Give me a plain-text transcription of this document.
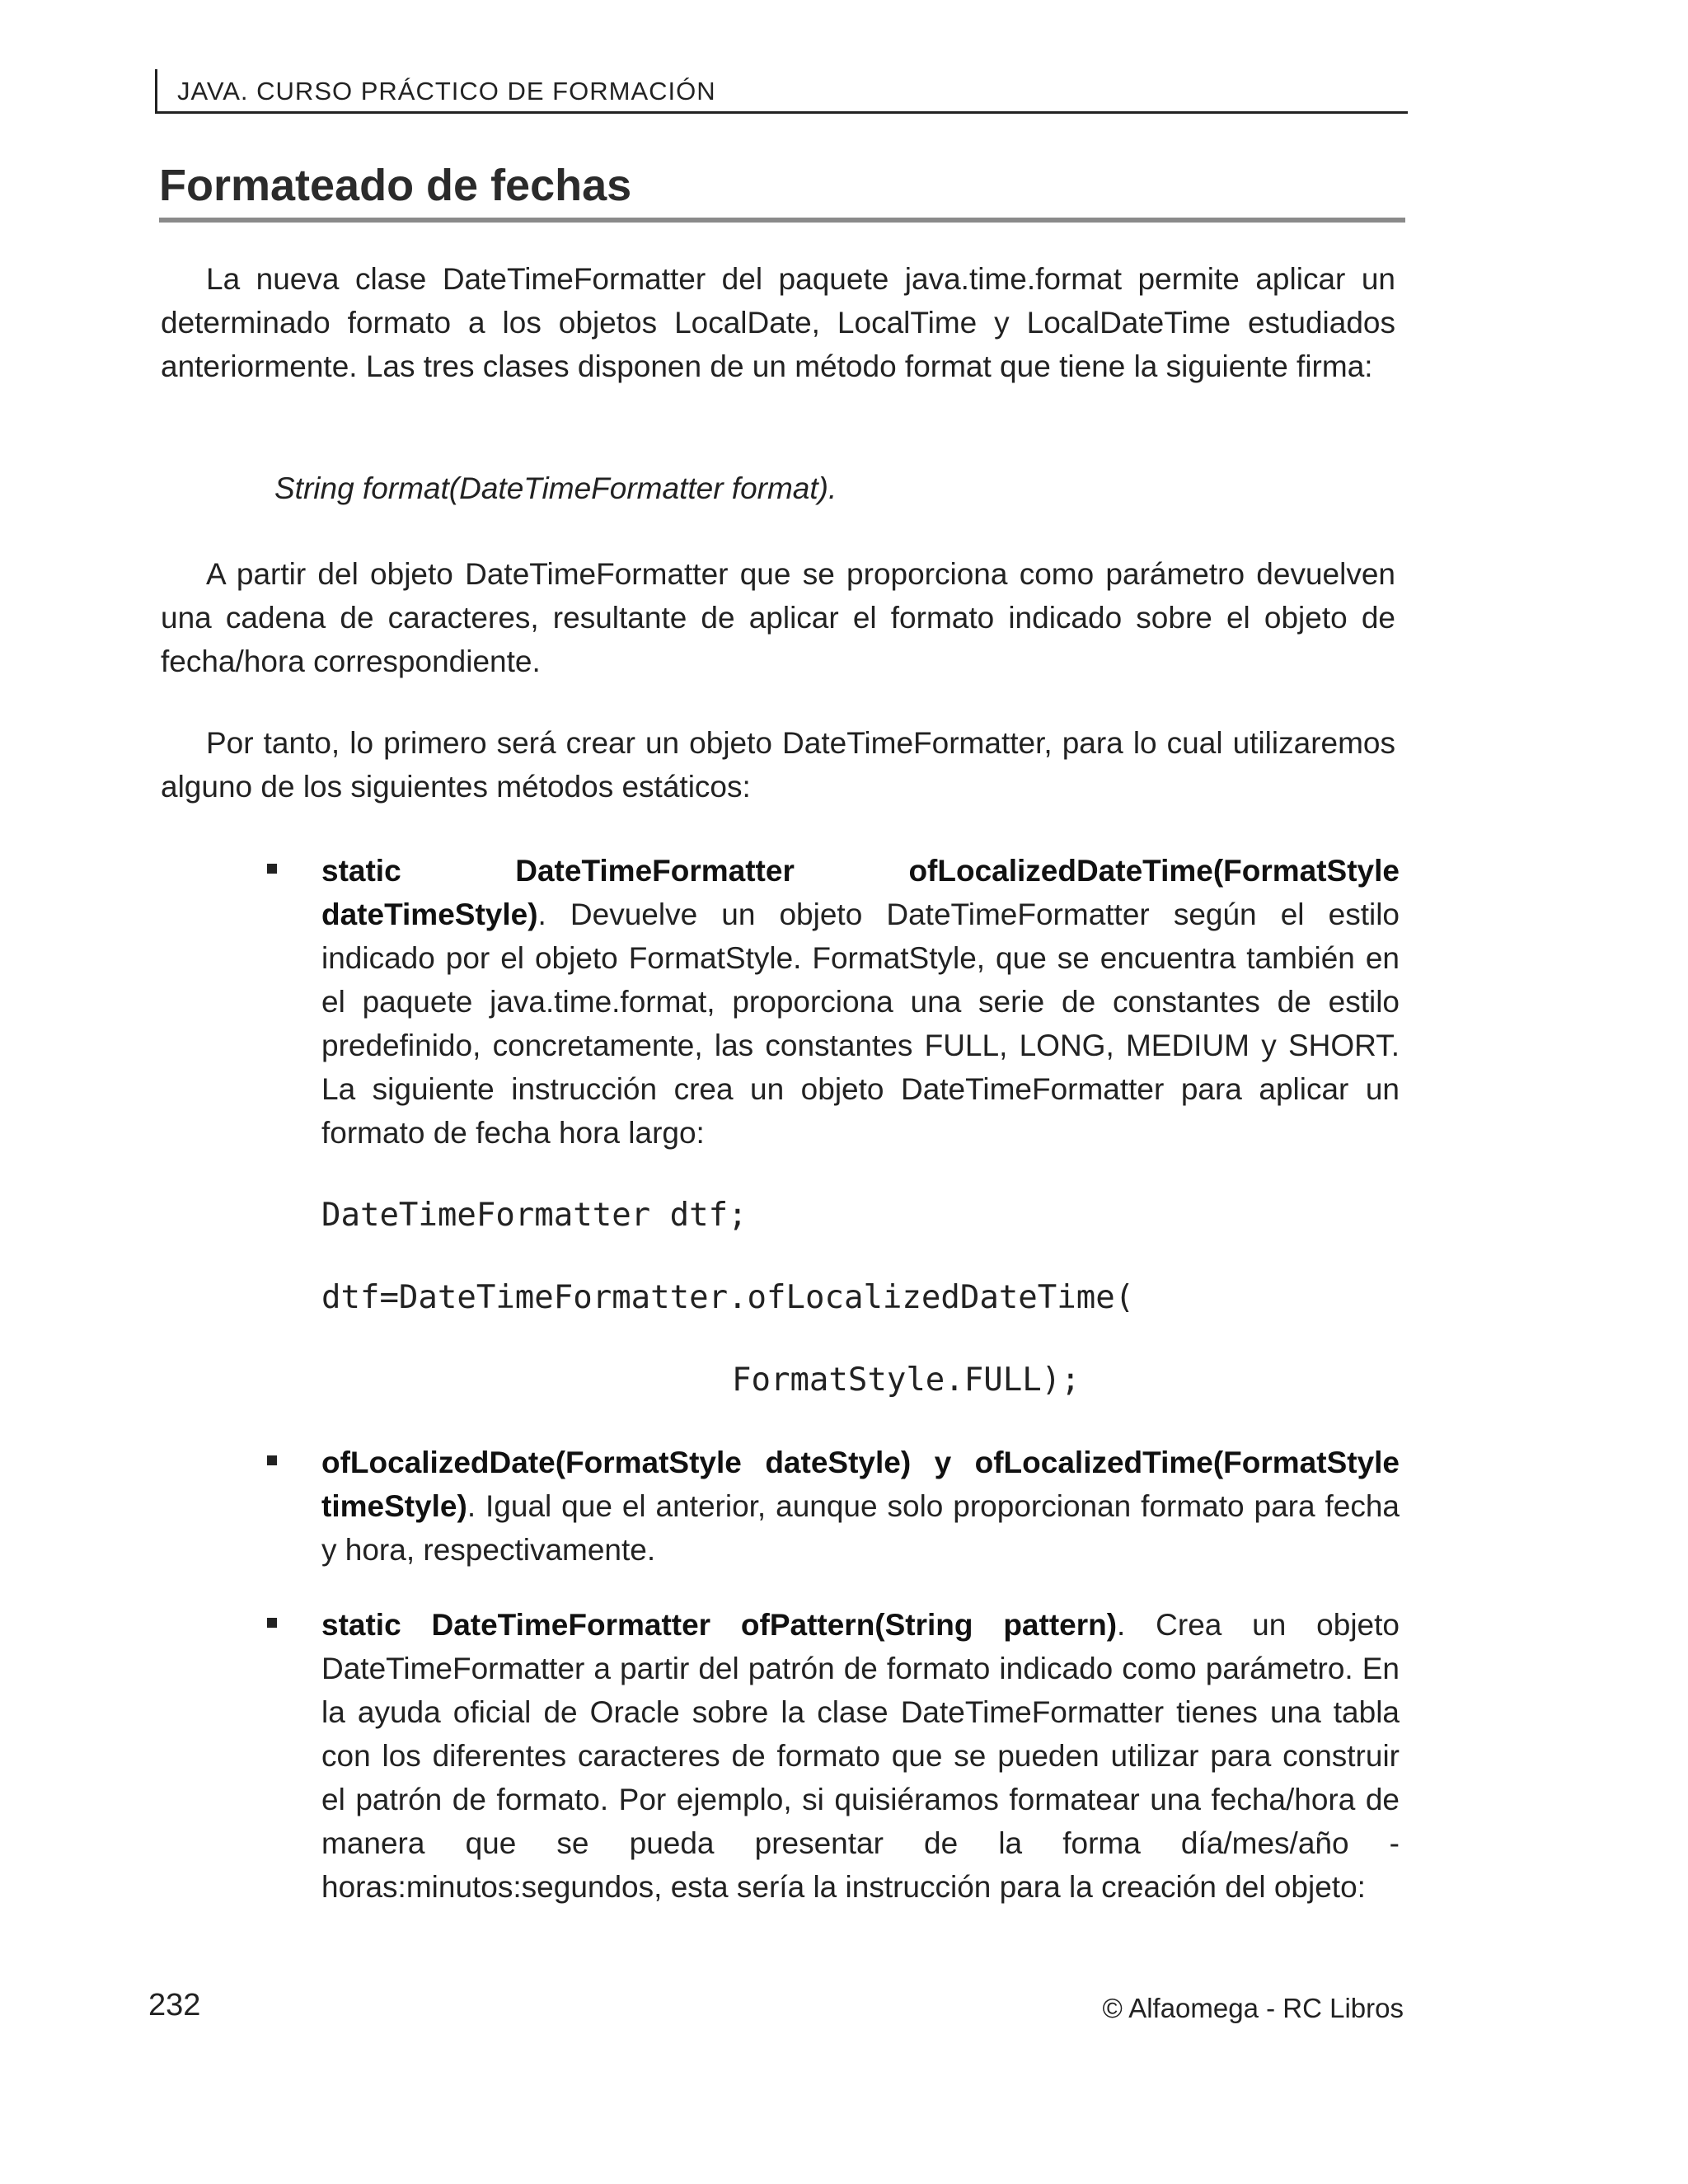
JAVA. CURSO PRÁCTICO DE FORMACIÓN
Formateado de fechas

La nueva clase DateTimeFormatter del paquete java.time.format permite aplicar un determinado formato a los objetos LocalDate, LocalTime y LocalDateTime estudiados anteriormente. Las tres clases disponen de un método format que tiene la siguiente firma:

String format(DateTimeFormatter format).

A partir del objeto DateTimeFormatter que se proporciona como parámetro devuelven una cadena de caracteres, resultante de aplicar el formato indicado sobre el objeto de fecha/hora correspondiente.

Por tanto, lo primero será crear un objeto DateTimeFormatter, para lo cual utilizaremos alguno de los siguientes métodos estáticos:

static DateTimeFormatter ofLocalizedDateTime(FormatStyle dateTimeStyle). Devuelve un objeto DateTimeFormatter según el estilo indicado por el objeto FormatStyle. FormatStyle, que se encuentra también en el paquete java.time.format, proporciona una serie de constantes de estilo predefinido, concretamente, las constantes FULL, LONG, MEDIUM y SHORT. La siguiente instrucción crea un objeto DateTimeFormatter para aplicar un formato de fecha hora largo:

DateTimeFormatter dtf;
dtf=DateTimeFormatter.ofLocalizedDateTime(
FormatStyle.FULL);

ofLocalizedDate(FormatStyle dateStyle) y ofLocalizedTime(FormatStyle timeStyle). Igual que el anterior, aunque solo proporcionan formato para fecha y hora, respectivamente.

static DateTimeFormatter ofPattern(String pattern). Crea un objeto DateTimeFormatter a partir del patrón de formato indicado como parámetro. En la ayuda oficial de Oracle sobre la clase DateTimeFormatter tienes una tabla con los diferentes caracteres de formato que se pueden utilizar para construir el patrón de formato. Por ejemplo, si quisiéramos formatear una fecha/hora de manera que se pueda presentar de la forma día/mes/año - horas:minutos:segundos, esta sería la instrucción para la creación del objeto:

232	© Alfaomega - RC Libros
